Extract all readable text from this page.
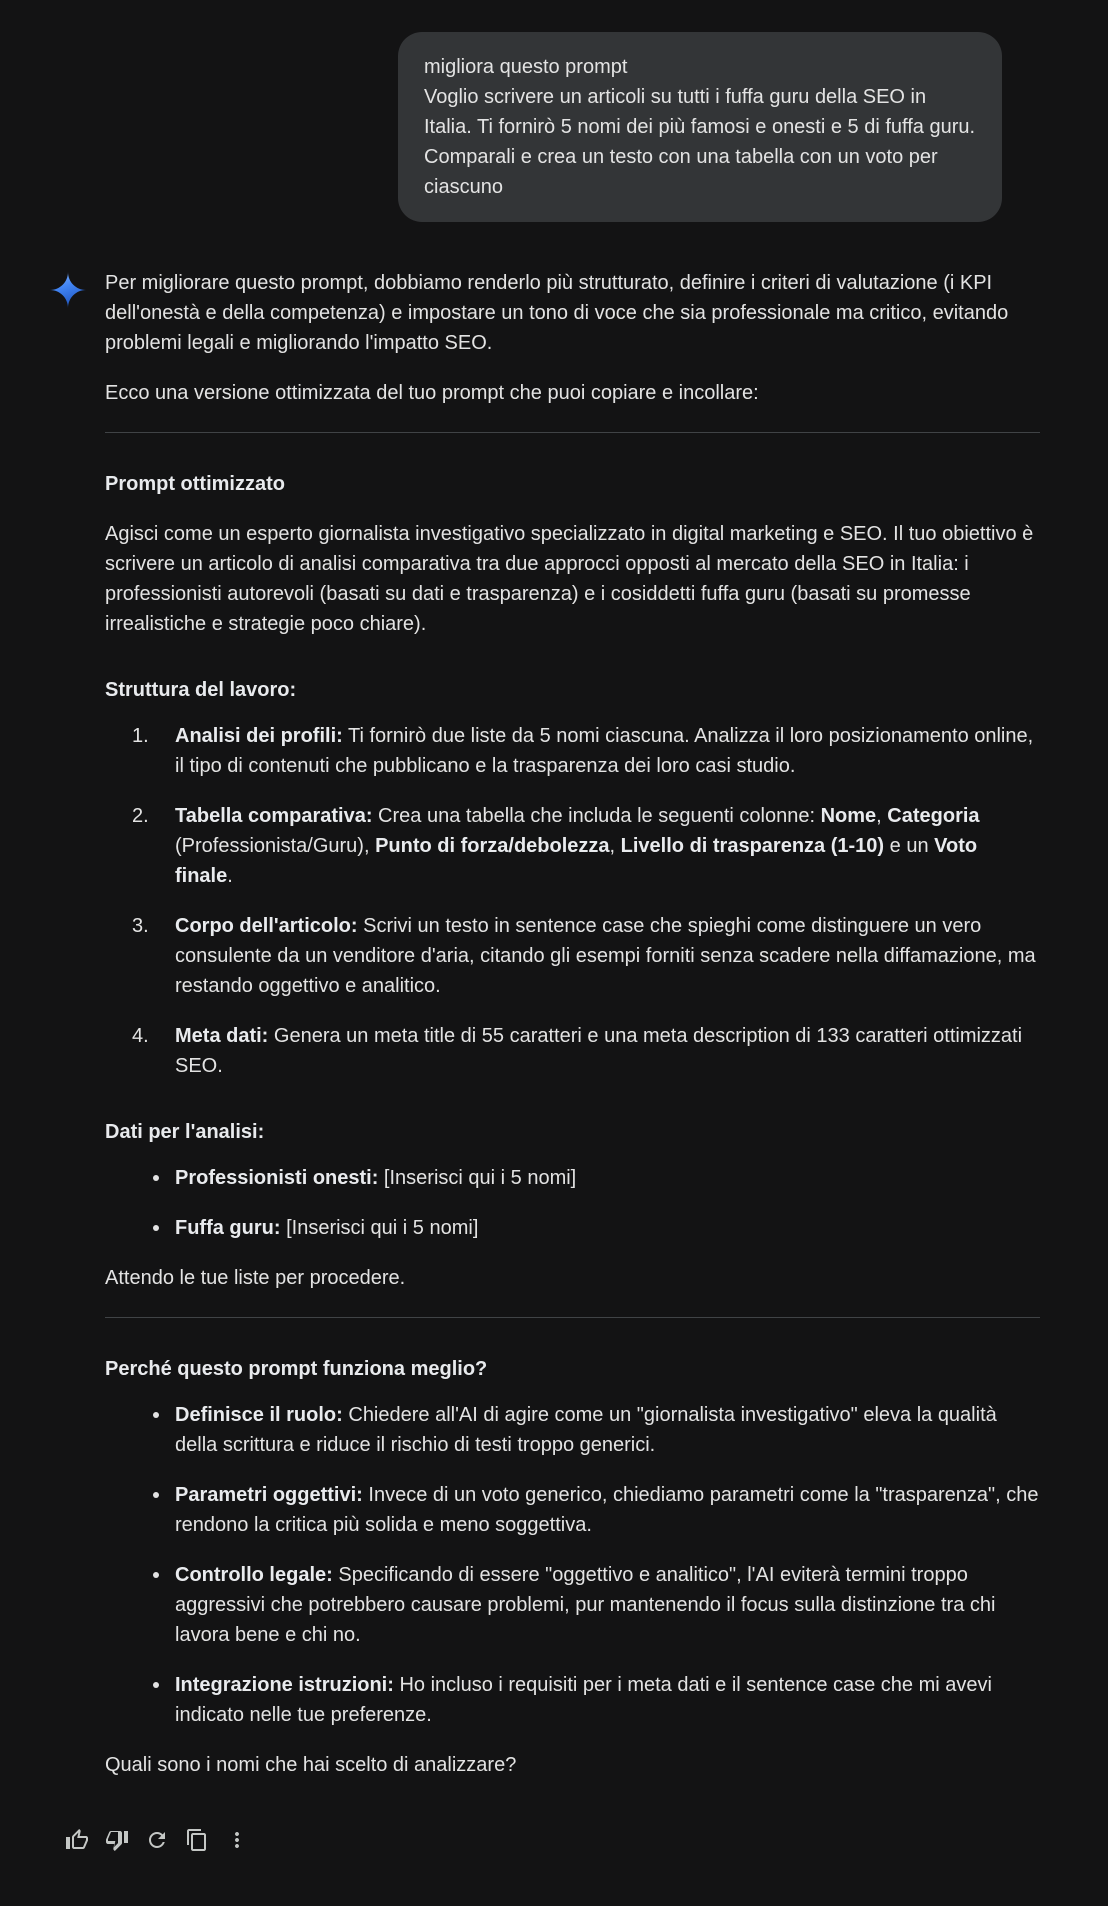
migliora questo prompt
Voglio scrivere un articoli su tutti i fuffa guru della SEO in Italia. Ti fornirò 5 nomi dei più famosi e onesti e 5 di fuffa guru. Comparali e crea un testo con una tabella con un voto per ciascuno

Per migliorare questo prompt, dobbiamo renderlo più strutturato, definire i criteri di valutazione (i KPI dell'onestà e della competenza) e impostare un tono di voce che sia professionale ma critico, evitando problemi legali e migliorando l'impatto SEO.

Ecco una versione ottimizzata del tuo prompt che puoi copiare e incollare:

Prompt ottimizzato

Agisci come un esperto giornalista investigativo specializzato in digital marketing e SEO. Il tuo obiettivo è scrivere un articolo di analisi comparativa tra due approcci opposti al mercato della SEO in Italia: i professionisti autorevoli (basati su dati e trasparenza) e i cosiddetti fuffa guru (basati su promesse irrealistiche e strategie poco chiare).

Struttura del lavoro:
Analisi dei profili: Ti fornirò due liste da 5 nomi ciascuna. Analizza il loro posizionamento online, il tipo di contenuti che pubblicano e la trasparenza dei loro casi studio.
Tabella comparativa: Crea una tabella che includa le seguenti colonne: Nome, Categoria (Professionista/Guru), Punto di forza/debolezza, Livello di trasparenza (1-10) e un Voto finale.
Corpo dell'articolo: Scrivi un testo in sentence case che spieghi come distinguere un vero consulente da un venditore d'aria, citando gli esempi forniti senza scadere nella diffamazione, ma restando oggettivo e analitico.
Meta dati: Genera un meta title di 55 caratteri e una meta description di 133 caratteri ottimizzati SEO.
Dati per l'analisi:
Professionisti onesti: [Inserisci qui i 5 nomi]
Fuffa guru: [Inserisci qui i 5 nomi]

Attendo le tue liste per procedere.

Perché questo prompt funziona meglio?
Definisce il ruolo: Chiedere all'AI di agire come un "giornalista investigativo" eleva la qualità della scrittura e riduce il rischio di testi troppo generici.
Parametri oggettivi: Invece di un voto generico, chiediamo parametri come la "trasparenza", che rendono la critica più solida e meno soggettiva.
Controllo legale: Specificando di essere "oggettivo e analitico", l'AI eviterà termini troppo aggressivi che potrebbero causare problemi, pur mantenendo il focus sulla distinzione tra chi lavora bene e chi no.
Integrazione istruzioni: Ho incluso i requisiti per i meta dati e il sentence case che mi avevi indicato nelle tue preferenze.

Quali sono i nomi che hai scelto di analizzare?
